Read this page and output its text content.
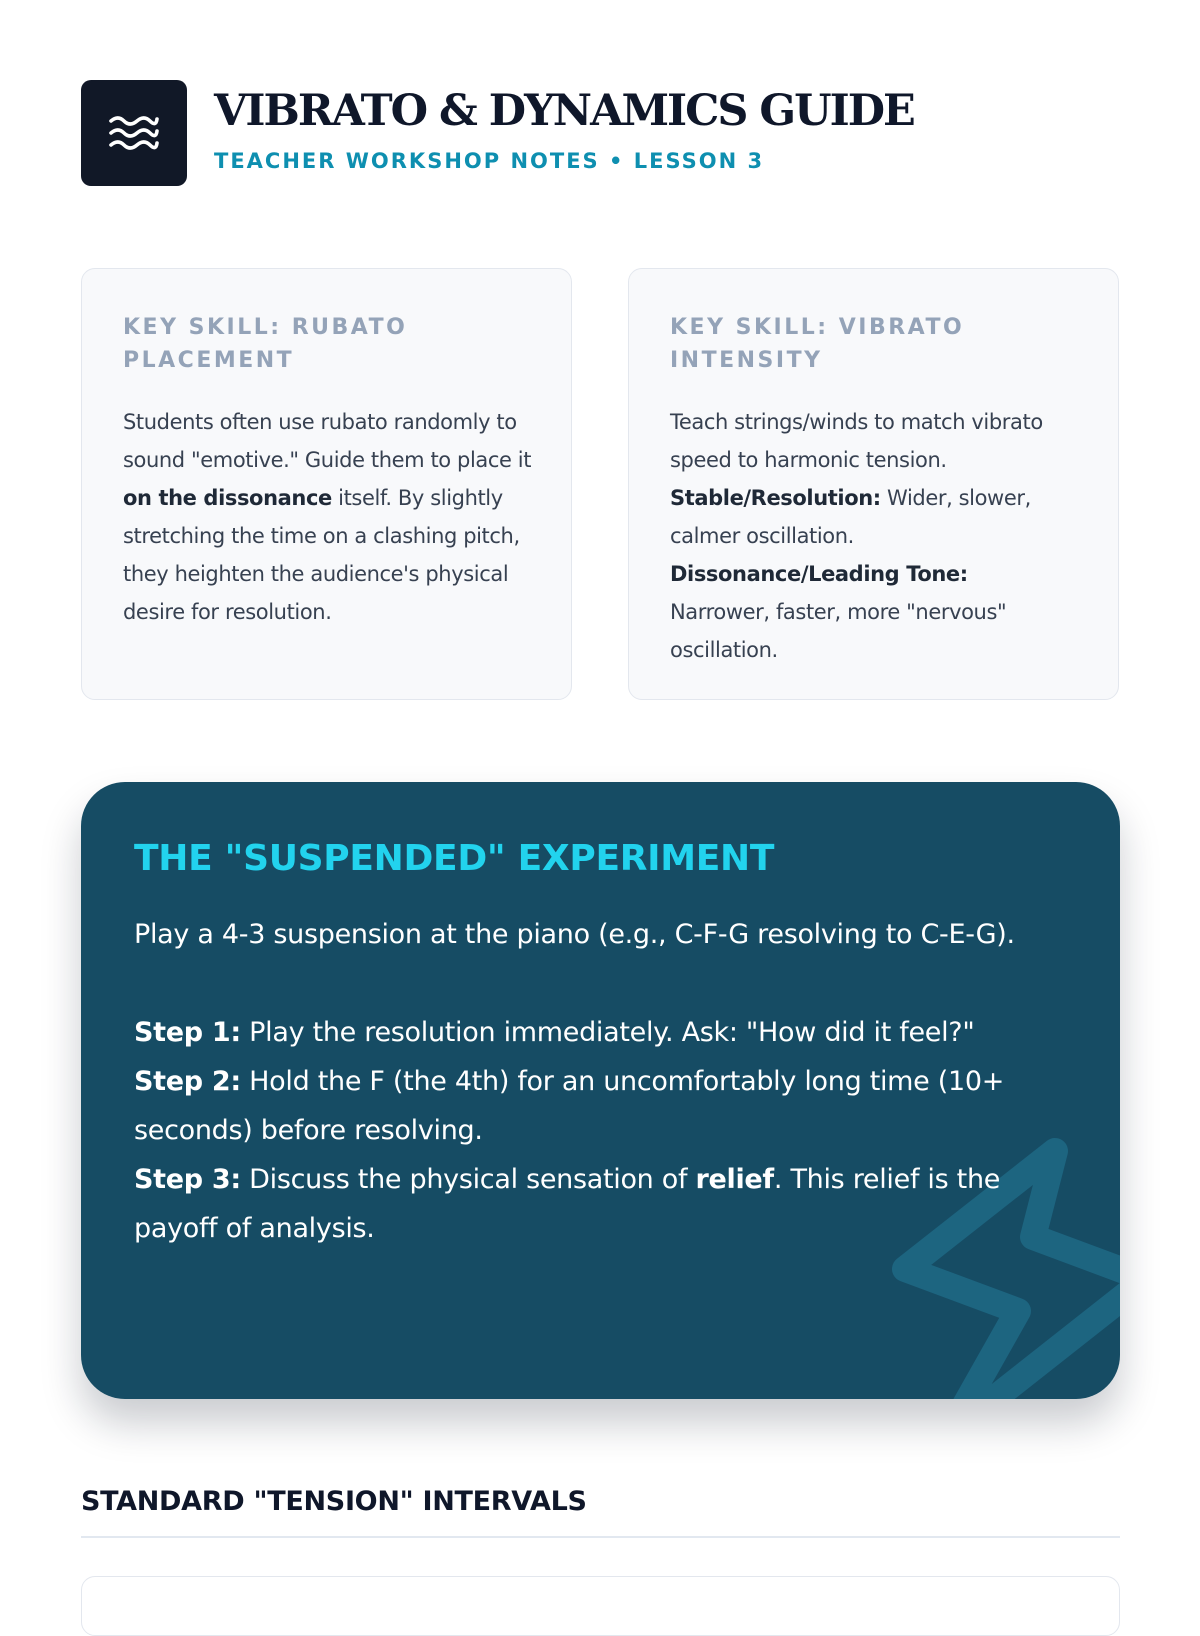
VIBRATO & DYNAMICS GUIDE
TEACHER WORKSHOP NOTES • LESSON 3
KEY SKILL: RUBATO PLACEMENT

Students often use rubato randomly to sound "emotive." Guide them to place it on the dissonance itself. By slightly stretching the time on a clashing pitch, they heighten the audience's physical desire for resolution.

KEY SKILL: VIBRATO INTENSITY

Teach strings/winds to match vibrato speed to harmonic tension.
Stable/Resolution: Wider, slower, calmer oscillation.
Dissonance/Leading Tone:
Narrower, faster, more "nervous" oscillation.

THE "SUSPENDED" EXPERIMENT

Play a 4-3 suspension at the piano (e.g., C-F-G resolving to C-E-G).

Step 1: Play the resolution immediately. Ask: "How did it feel?"
Step 2: Hold the F (the 4th) for an uncomfortably long time (10+ seconds) before resolving.
Step 3: Discuss the physical sensation of relief. This relief is the payoff of analysis.

STANDARD "TENSION" INTERVALS
